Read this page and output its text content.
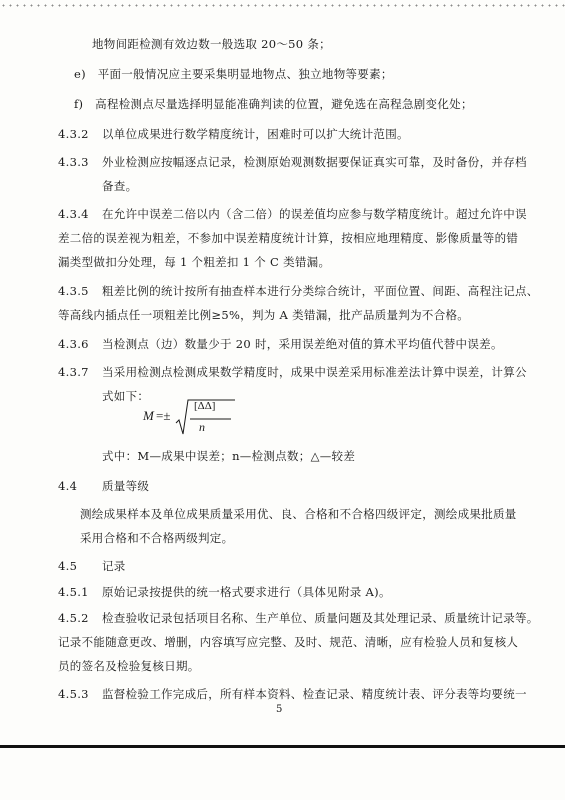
地物间距检测有效边数一般选取 20～50 条；
e)　平面一般情况应主要采集明显地物点、独立地物等要素；
f)　高程检测点尽量选择明显能准确判读的位置，避免选在高程急剧变化处；
4.3.2 以单位成果进行数学精度统计，困难时可以扩大统计范围。
4.3.3 外业检测应按幅逐点记录，检测原始观测数据要保证真实可靠，及时备份，并存档
备查。
4.3.4 在允许中误差二倍以内（含二倍）的误差值均应参与数学精度统计。超过允许中误
差二倍的误差视为粗差，不参加中误差精度统计计算，按相应地理精度、影像质量等的错
漏类型做扣分处理，每 1 个粗差扣 1 个 C 类错漏。
4.3.5 粗差比例的统计按所有抽查样本进行分类综合统计，平面位置、间距、高程注记点、
等高线内插点任一项粗差比例≥5%，判为 A 类错漏，批产品质量判为不合格。
4.3.6 当检测点（边）数量少于 20 时，采用误差绝对值的算术平均值代替中误差。
4.3.7 当采用检测点检测成果数学精度时，成果中误差采用标准差法计算中误差，计算公
式如下：
M =±
[ΔΔ]
n
式中：M—成果中误差；n—检测点数；△—较差
4.4 质量等级
测绘成果样本及单位成果质量采用优、良、合格和不合格四级评定，测绘成果批质量
采用合格和不合格两级判定。
4.5 记录
4.5.1 原始记录按提供的统一格式要求进行（具体见附录 A)。
4.5.2 检查验收记录包括项目名称、生产单位、质量问题及其处理记录、质量统计记录等。
记录不能随意更改、增删，内容填写应完整、及时、规范、清晰，应有检验人员和复核人
员的签名及检验复核日期。
4.5.3 监督检验工作完成后，所有样本资料、检查记录、精度统计表、评分表等均要统一
5
